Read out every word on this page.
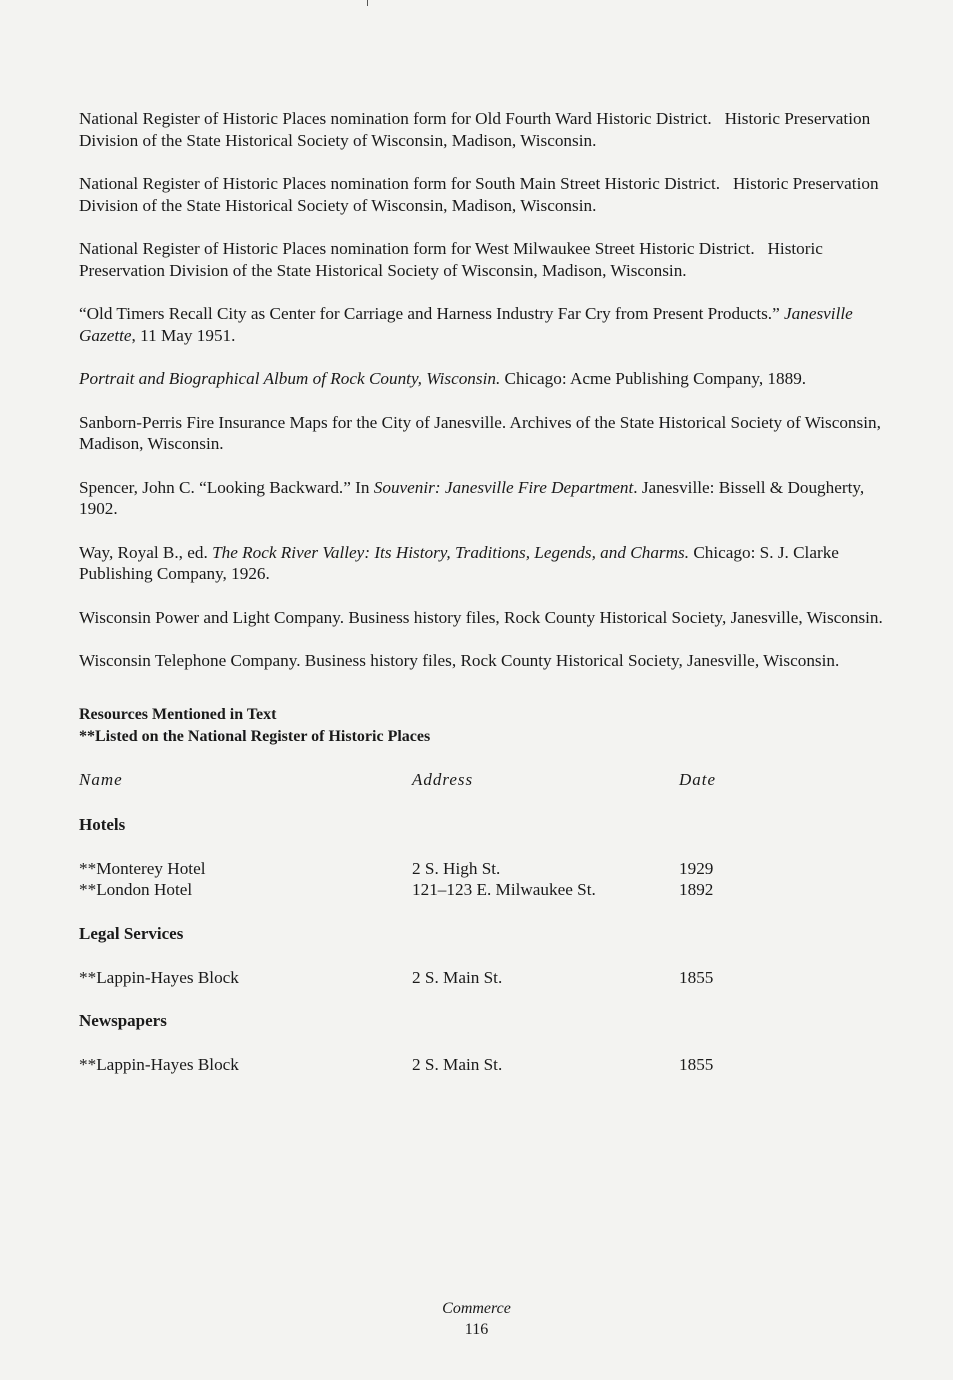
National Register of Historic Places nomination form for Old Fourth Ward Historic District.   Historic Preservation Division of the State Historical Society of Wisconsin, Madison, Wisconsin.

National Register of Historic Places nomination form for South Main Street Historic District.   Historic Preservation Division of the State Historical Society of Wisconsin, Madison, Wisconsin.

National Register of Historic Places nomination form for West Milwaukee Street Historic District.   Historic Preservation Division of the State Historical Society of Wisconsin, Madison, Wisconsin.

“Old Timers Recall City as Center for Carriage and Harness Industry Far Cry from Present Products.” Janesville Gazette, 11 May 1951.

Portrait and Biographical Album of Rock County, Wisconsin. Chicago: Acme Publishing Company, 1889.

Sanborn-Perris Fire Insurance Maps for the City of Janesville. Archives of the State Historical Society of Wisconsin, Madison, Wisconsin.

Spencer, John C. “Looking Backward.” In Souvenir: Janesville Fire Department. Janesville: Bissell & Dougherty, 1902.

Way, Royal B., ed. The Rock River Valley: Its History, Traditions, Legends, and Charms. Chicago: S. J. Clarke Publishing Company, 1926.

Wisconsin Power and Light Company. Business history files, Rock County Historical Society, Janesville, Wisconsin.

Wisconsin Telephone Company. Business history files, Rock County Historical Society, Janesville, Wisconsin.

Resources Mentioned in Text

**Listed on the National Register of Historic Places

Name	Address	Date
Hotels
**Monterey Hotel	2 S. High St.	1929
**London Hotel	121–123 E. Milwaukee St.	1892
Legal Services
**Lappin-Hayes Block	2 S. Main St.	1855
Newspapers
**Lappin-Hayes Block	2 S. Main St.	1855
Commerce
116
